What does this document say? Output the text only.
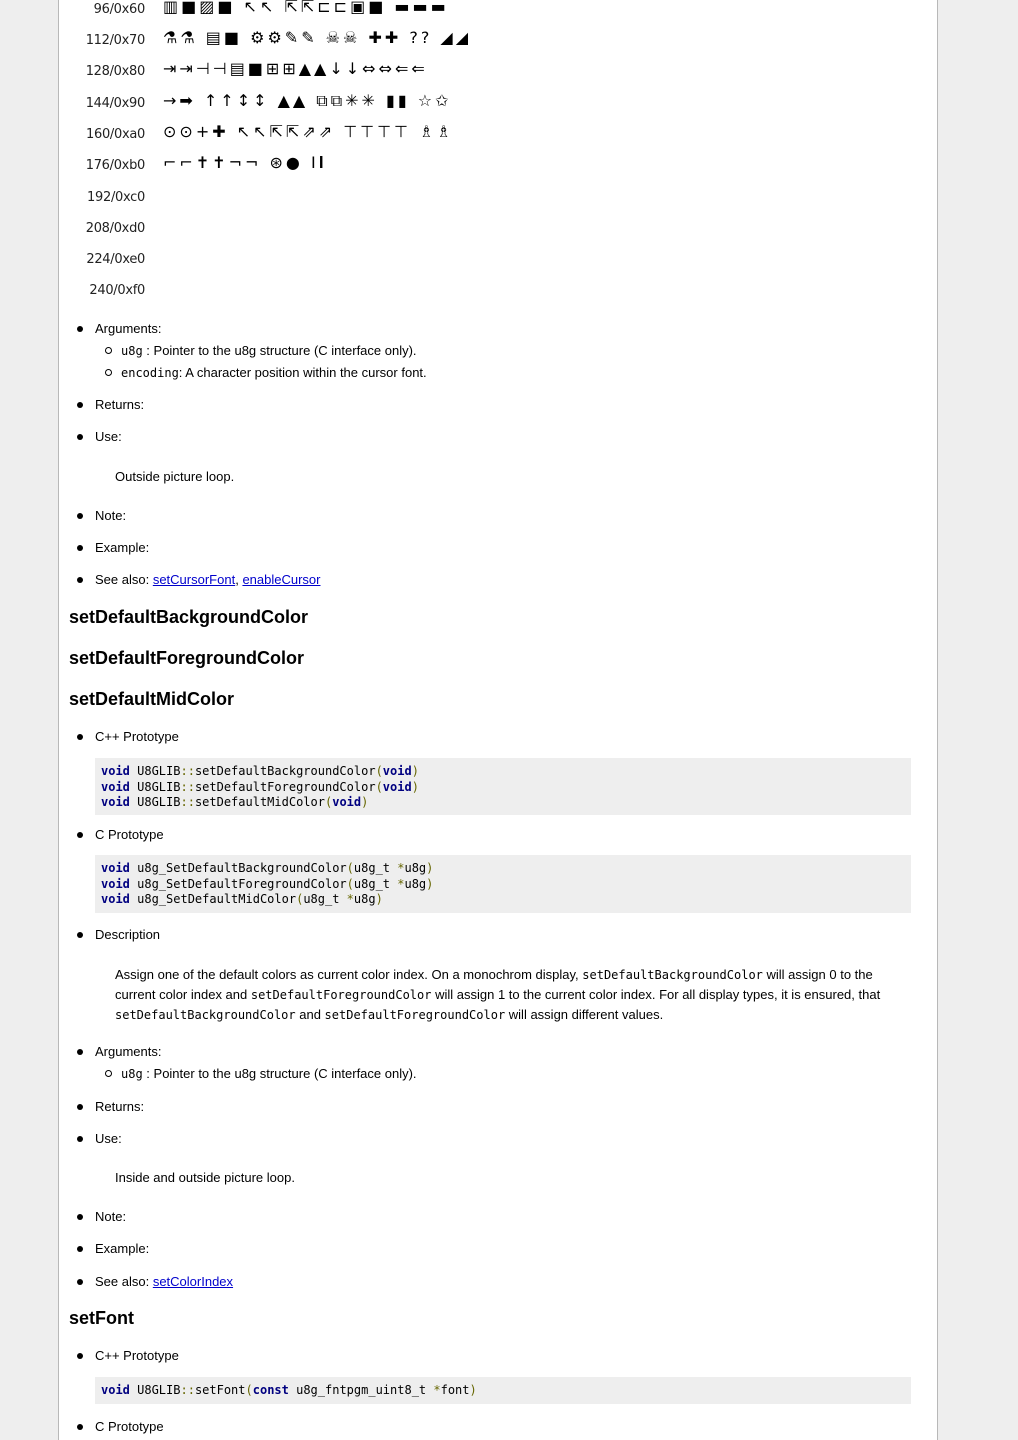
96/0x60 ▥■▨■ ↖↖ ⇱⇱⊏⊏▣■ ▬▬▬
112/0x70 ⚗⚗ ▤■ ⚙⚙✎✎ ☠☠ ✚✚ ?? ◢◢
128/0x80 ⇥⇥⊣⊣▤■⊞⊞▲▲↓↓⇔⇔⇐⇐
144/0x90 →➡ ↑↑↕↕ ▲▲ ⧉⧉✳✳ ▮▮ ☆✩
160/0xa0 ⊙⊙+✚ ↖↖⇱⇱⇗⇗ ⊤⊤⊤⊤ ♗♗
176/0xb0 ⌐⌐✝✝¬¬ ⊛● I𝐈
192/0xc0
208/0xd0
224/0xe0
240/0xf0
Arguments:
u8g : Pointer to the u8g structure (C interface only).
encoding: A character position within the cursor font.
Returns:
Use:
Outside picture loop.
Note:
Example:
See also: setCursorFont, enableCursor
setDefaultBackgroundColor
setDefaultForegroundColor
setDefaultMidColor
C++ Prototype
void U8GLIB::setDefaultBackgroundColor(void)
void U8GLIB::setDefaultForegroundColor(void)
void U8GLIB::setDefaultMidColor(void)
C Prototype
void u8g_SetDefaultBackgroundColor(u8g_t *u8g)
void u8g_SetDefaultForegroundColor(u8g_t *u8g)
void u8g_SetDefaultMidColor(u8g_t *u8g)
Description
Assign one of the default colors as current color index. On a monochrom display, setDefaultBackgroundColor will assign 0 to the current color index and setDefaultForegroundColor will assign 1 to the current color index. For all display types, it is ensured, that setDefaultBackgroundColor and setDefaultForegroundColor will assign different values.
Arguments:
u8g : Pointer to the u8g structure (C interface only).
Returns:
Use:
Inside and outside picture loop.
Note:
Example:
See also: setColorIndex
setFont
C++ Prototype
void U8GLIB::setFont(const u8g_fntpgm_uint8_t *font)
C Prototype
